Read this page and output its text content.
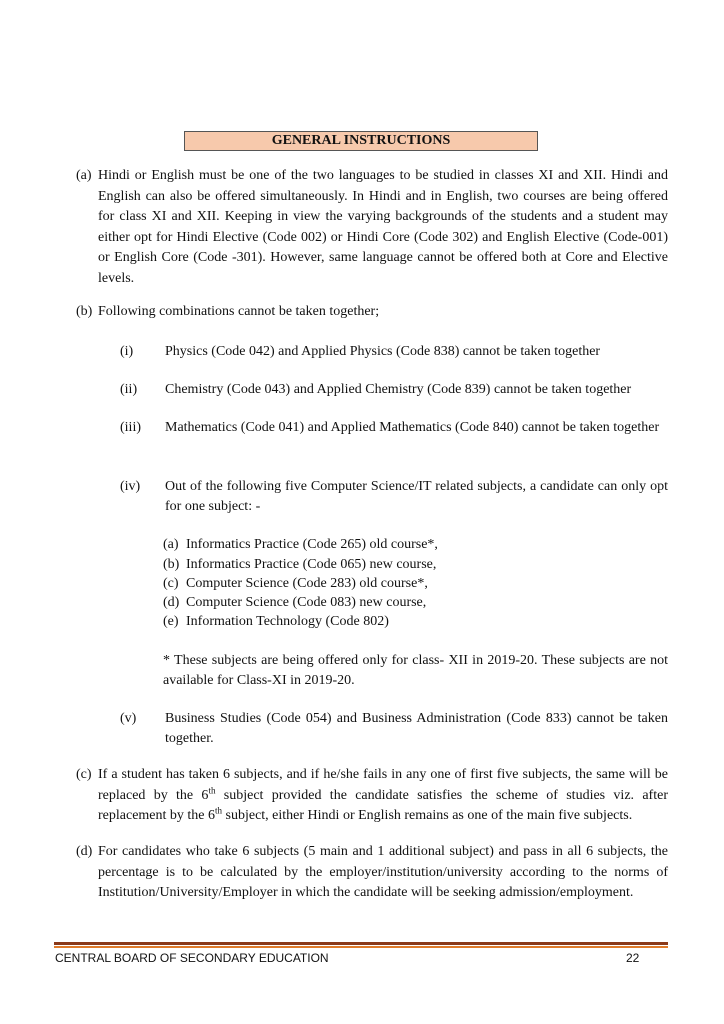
GENERAL INSTRUCTIONS
(a) Hindi or English must be one of the two languages to be studied in classes XI and XII. Hindi and English can also be offered simultaneously. In Hindi and in English, two courses are being offered for class XI and XII. Keeping in view the varying backgrounds of the students and a student may either opt for Hindi Elective (Code 002) or Hindi Core (Code 302) and English Elective (Code-001) or English Core (Code -301). However, same language cannot be offered both at Core and Elective levels.
(b) Following combinations cannot be taken together;
(i) Physics (Code 042) and Applied Physics (Code 838) cannot be taken together
(ii) Chemistry (Code 043) and Applied Chemistry (Code 839) cannot be taken together
(iii) Mathematics (Code 041) and Applied Mathematics (Code 840) cannot be taken together
(iv) Out of the following five Computer Science/IT related subjects, a candidate can only opt for one subject: -
(a) Informatics Practice (Code 265) old course*,
(b) Informatics Practice (Code 065) new course,
(c) Computer Science (Code 283) old course*,
(d) Computer Science (Code 083) new course,
(e) Information Technology (Code 802)
* These subjects are being offered only for class- XII in 2019-20. These subjects are not available for Class-XI in 2019-20.
(v) Business Studies (Code 054) and Business Administration (Code 833) cannot be taken together.
(c) If a student has taken 6 subjects, and if he/she fails in any one of first five subjects, the same will be replaced by the 6th subject provided the candidate satisfies the scheme of studies viz. after replacement by the 6th subject, either Hindi or English remains as one of the main five subjects.
(d) For candidates who take 6 subjects (5 main and 1 additional subject) and pass in all 6 subjects, the percentage is to be calculated by the employer/institution/university according to the norms of Institution/University/Employer in which the candidate will be seeking admission/employment.
CENTRAL BOARD OF SECONDARY EDUCATION	22
